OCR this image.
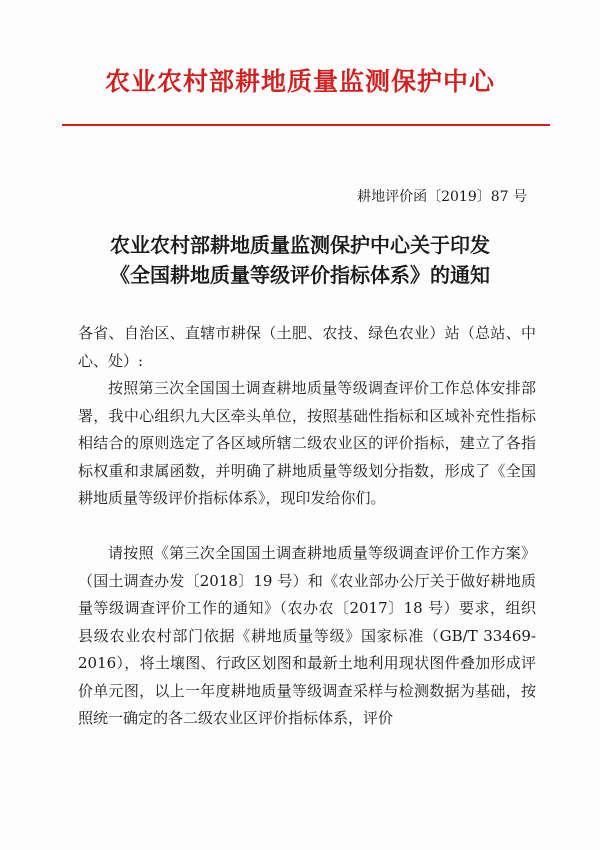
农业农村部耕地质量监测保护中心
耕地评价函〔2019〕87 号
农业农村部耕地质量监测保护中心关于印发
《全国耕地质量等级评价指标体系》的通知

各省、自治区、直辖市耕保（土肥、农技、绿色农业）站（总站、中心、处）:

按照第三次全国国土调查耕地质量等级调查评价工作总体安排部署，我中心组织九大区牵头单位，按照基础性指标和区域补充性指标相结合的原则选定了各区域所辖二级农业区的评价指标，建立了各指标权重和隶属函数，并明确了耕地质量等级划分指数，形成了《全国耕地质量等级评价指标体系》，现印发给你们。

请按照《第三次全国国土调查耕地质量等级调查评价工作方案》（国土调查办发〔2018〕19 号）和《农业部办公厅关于做好耕地质量等级调查评价工作的通知》（农办农〔2017〕18 号）要求，组织县级农业农村部门依据《耕地质量等级》国家标准（GB/T 33469-2016），将土壤图、行政区划图和最新土地利用现状图件叠加形成评价单元图，以上一年度耕地质量等级调查采样与检测数据为基础，按照统一确定的各二级农业区评价指标体系，评价
